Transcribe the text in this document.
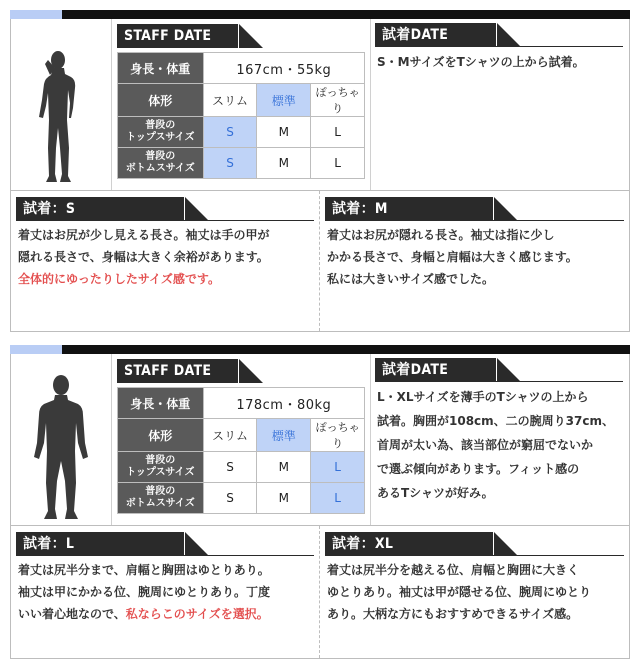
STAFF DATE
身長・体重	167cm・55kg		
体形	スリム	標準	ぽっちゃり
普段の
トップスサイズ	S	M	L
普段の
ボトムスサイズ	S	M	L
試着DATE
S・MサイズをTシャツの上から試着。
試着：S
着丈はお尻が少し見える長さ。袖丈は手の甲が
隠れる長さで、身幅は大きく余裕があります。
全体的にゆったりしたサイズ感です。
試着：M
着丈はお尻が隠れる長さ。袖丈は指に少し
かかる長さで、身幅と肩幅は大きく感じます。
私には大きいサイズ感でした。
STAFF DATE
身長・体重	178cm・80kg		
体形	スリム	標準	ぽっちゃり
普段の
トップスサイズ	S	M	L
普段の
ボトムスサイズ	S	M	L
試着DATE
L・XLサイズを薄手のTシャツの上から
試着。胸囲が108cm、二の腕周り37cm、
首周が太い為、該当部位が窮屈でないか
で選ぶ傾向があります。フィット感の
あるTシャツが好み。
試着：L
着丈は尻半分まで、肩幅と胸囲はゆとりあり。
袖丈は甲にかかる位、腕周にゆとりあり。丁度
いい着心地なので、私ならこのサイズを選択。
試着：XL
着丈は尻半分を越える位、肩幅と胸囲に大きく
ゆとりあり。袖丈は甲が隠せる位、腕周にゆとり
あり。大柄な方にもおすすめできるサイズ感。
